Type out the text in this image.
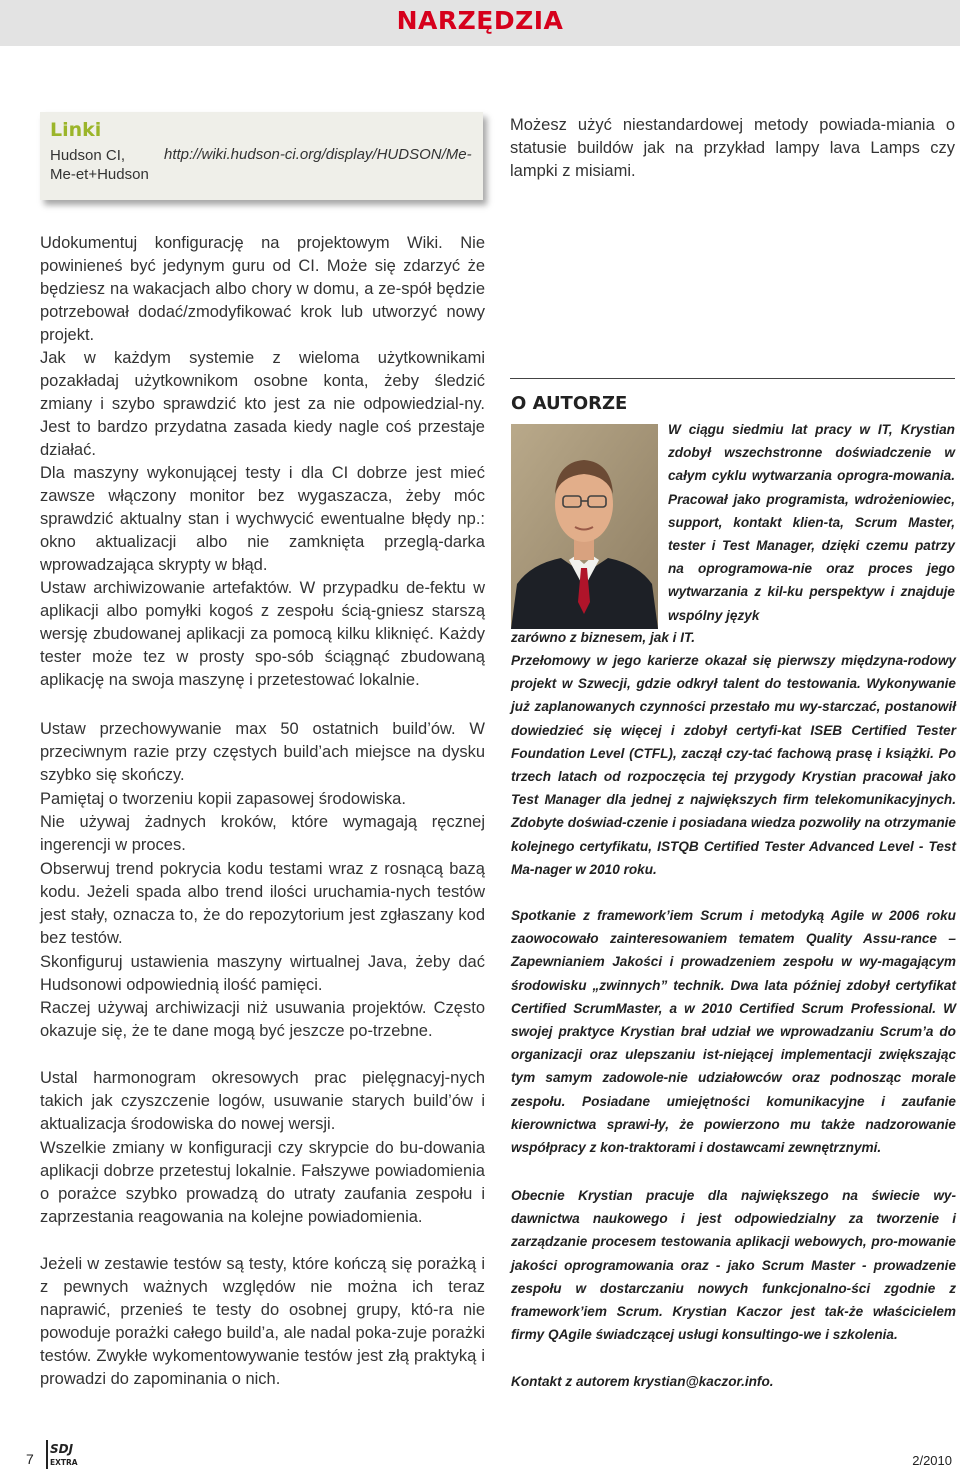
NARZĘDZIA
Linki
Hudson CI,
Me-et+Hudson
http://wiki.hudson-ci.org/display/HUDSON/Me-

Możesz użyć niestandardowej metody powiada-miania o statusie buildów jak na przykład lampy lava Lamps czy lampki z misiami.

Udokumentuj konfigurację na projektowym Wiki. Nie powinieneś być jedynym guru od CI. Może się zdarzyć że będziesz na wakacjach albo chory w domu, a ze-spół będzie potrzebował dodać/zmodyfikować krok lub utworzyć nowy projekt.

Jak w każdym systemie z wieloma użytkownikami pozakładaj użytkownikom osobne konta, żeby śledzić zmiany i szybo sprawdzić kto jest za nie odpowiedzial-ny. Jest to bardzo przydatna zasada kiedy nagle coś przestaje działać.

Dla maszyny wykonującej testy i dla CI dobrze jest mieć zawsze włączony monitor bez wygaszacza, żeby móc sprawdzić aktualny stan i wychwycić ewentualne błędy np.: okno aktualizacji albo nie zamknięta przeglą-darka wprowadzająca skrypty w błąd.

Ustaw archiwizowanie artefaktów. W przypadku de-fektu w aplikacji albo pomyłki kogoś z zespołu ścią-gniesz starszą wersję zbudowanej aplikacji za pomocą kilku kliknięć. Każdy tester może tez w prosty spo-sób ściągnąć zbudowaną aplikację na swoja maszynę i przetestować lokalnie.

Ustaw przechowywanie max 50 ostatnich build’ów. W przeciwnym razie przy częstych build’ach miejsce na dysku szybko się skończy.

Pamiętaj o tworzeniu kopii zapasowej środowiska.

Nie używaj żadnych kroków, które wymagają ręcznej ingerencji w proces.

Obserwuj trend pokrycia kodu testami wraz z rosnącą bazą kodu. Jeżeli spada albo trend ilości uruchamia-nych testów jest stały, oznacza to, że do repozytorium jest zgłaszany kod bez testów.

Skonfiguruj ustawienia maszyny wirtualnej Java, żeby dać Hudsonowi odpowiednią ilość pamięci.

Raczej używaj archiwizacji niż usuwania projektów. Często okazuje się, że te dane mogą być jeszcze po-trzebne.

Ustal harmonogram okresowych prac pielęgnacyj-nych takich jak czyszczenie logów, usuwanie starych build’ów i aktualizacja środowiska do nowej wersji.

Wszelkie zmiany w konfiguracji czy skrypcie do bu-dowania aplikacji dobrze przetestuj lokalnie. Fałszywe powiadomienia o porażce szybko prowadzą do utraty zaufania zespołu i zaprzestania reagowania na kolejne powiadomienia.

Jeżeli w zestawie testów są testy, które kończą się porażką i z pewnych ważnych względów nie można ich teraz naprawić, przenieś te testy do osobnej grupy, któ-ra nie powoduje porażki całego build’a, ale nadal poka-zuje porażki testów. Zwykłe wykomentowywanie testów jest złą praktyką i prowadzi do zapominania o nich.

O AUTORZE

W ciągu siedmiu lat pracy w IT, Krystian zdobył wszechstronne doświadczenie w całym cyklu wytwarzania oprogra-mowania. Pracował jako programista, wdrożeniowiec, support, kontakt klien-ta, Scrum Master, tester i Test Manager, dzięki czemu patrzy na oprogramowa-nie oraz proces jego wytwarzania z kil-ku perspektyw i znajduje wspólny język

zarówno z biznesem, jak i IT.

Przełomowy w jego karierze okazał się pierwszy międzyna-rodowy projekt w Szwecji, gdzie odkrył talent do testowania. Wykonywanie już zaplanowanych czynności przestało mu wy-starczać, postanowił dowiedzieć się więcej i zdobył certyfi-kat ISEB Certified Tester Foundation Level (CTFL), zaczął czy-tać fachową prasę i książki. Po trzech latach od rozpoczęcia tej przygody Krystian pracował jako Test Manager dla jednej z największych firm telekomunikacyjnych. Zdobyte doświad-czenie i posiadana wiedza pozwoliły na otrzymanie kolejnego certyfikatu, ISTQB Certified Tester Advanced Level - Test Ma-nager w 2010 roku.

Spotkanie z framework’iem Scrum i metodyką Agile w 2006 roku zaowocowało zainteresowaniem tematem Quality Assu-rance – Zapewnianiem Jakości i prowadzeniem zespołu w wy-magającym środowisku „zwinnych” technik. Dwa lata później zdobył certyfikat Certified ScrumMaster, a w 2010 Certified Scrum Professional. W swojej praktyce Krystian brał udział we wprowadzaniu Scrum’a do organizacji oraz ulepszaniu ist-niejącej implementacji zwiększając tym samym zadowole-nie udziałowców oraz podnosząc morale zespołu. Posiadane umiejętności komunikacyjne i zaufanie kierownictwa sprawi-ły, że powierzono mu także nadzorowanie współpracy z kon-traktorami i dostawcami zewnętrznymi.

Obecnie Krystian pracuje dla największego na świecie wy-dawnictwa naukowego i jest odpowiedzialny za tworzenie i zarządzanie procesem testowania aplikacji webowych, pro-mowanie jakości oprogramowania oraz - jako Scrum Master - prowadzenie zespołu w dostarczaniu nowych funkcjonalno-ści zgodnie z framework’iem Scrum. Krystian Kaczor jest tak-że właścicielem firmy QAgile świadczącej usługi konsultingo-we i szkolenia.

Kontakt z autorem krystian@kaczor.info.

7
SDJ
EXTRA	2/2010
